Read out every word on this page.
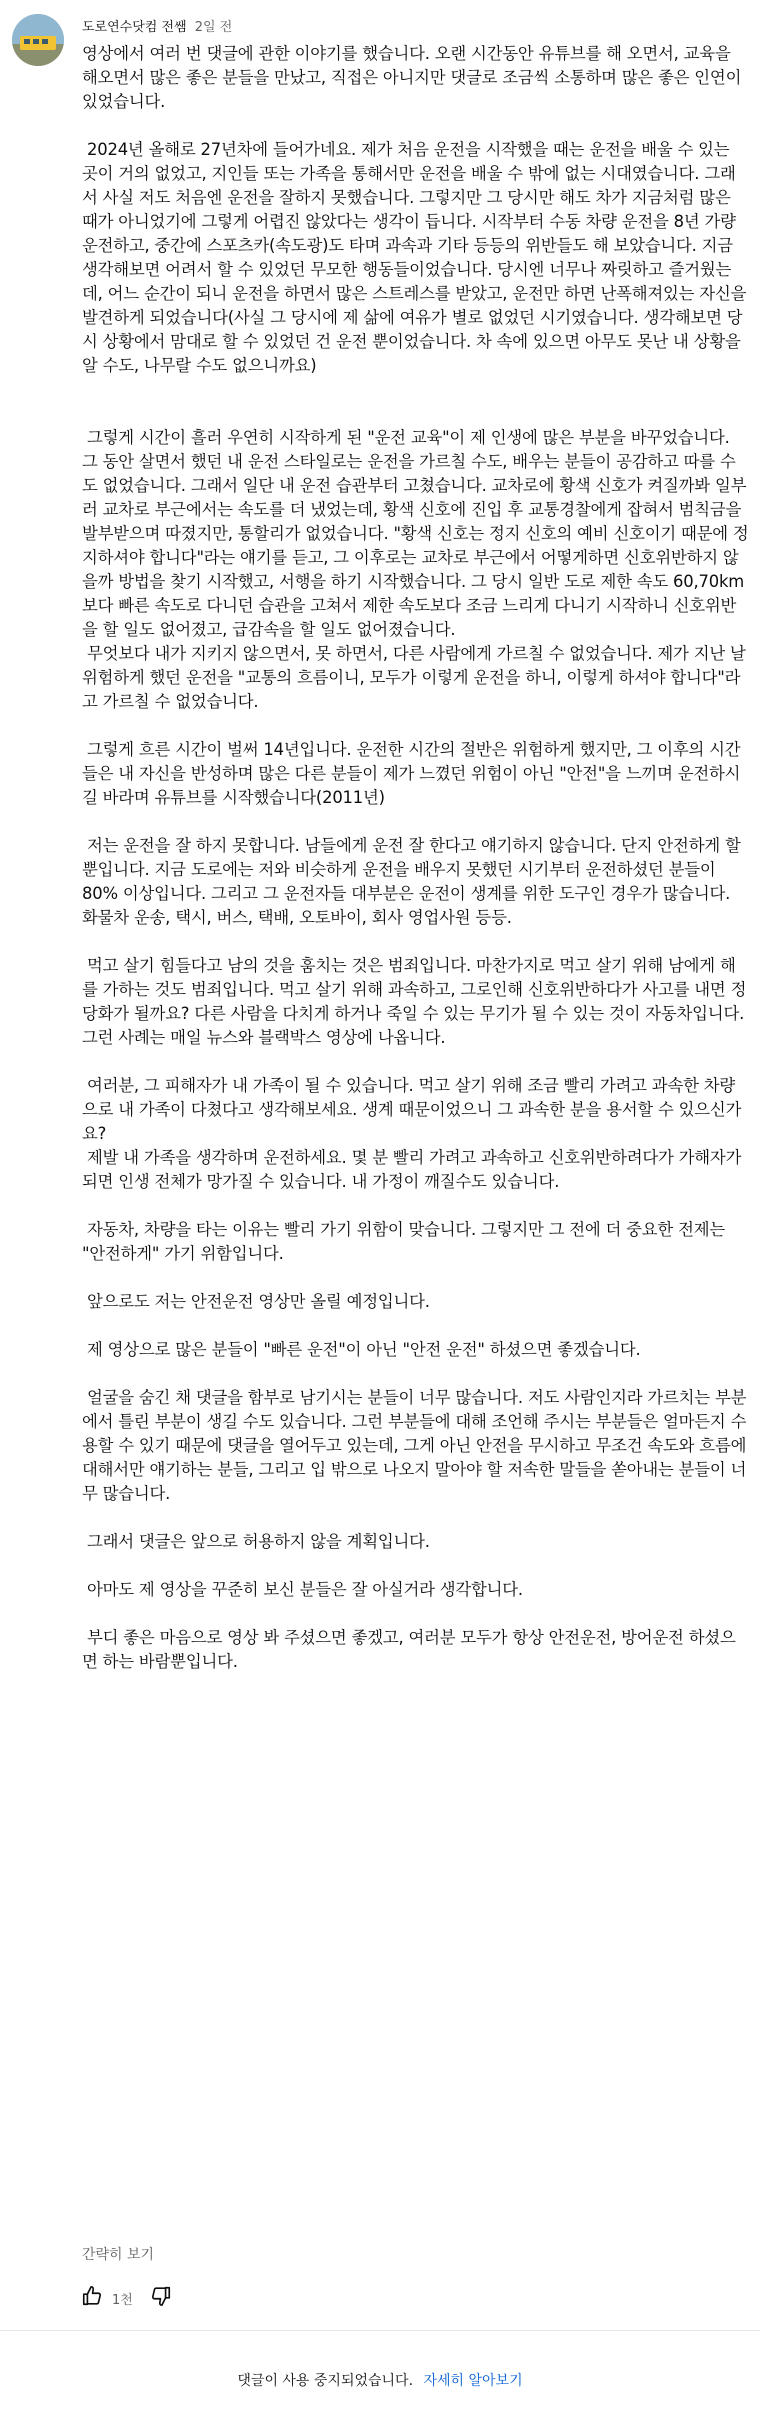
도로연수닷컴 전쌤 2일 전
영상에서 여러 번 댓글에 관한 이야기를 했습니다. 오랜 시간동안 유튜브를 해 오면서, 교육을 해오면서 많은 좋은 분들을 만났고, 직접은 아니지만 댓글로 조금씩 소통하며 많은 좋은 인연이 있었습니다.

2024년 올해로 27년차에 들어가네요. 제가 처음 운전을 시작했을 때는 운전을 배울 수 있는 곳이 거의 없었고, 지인들 또는 가족을 통해서만 운전을 배울 수 밖에 없는 시대였습니다. 그래서 사실 저도 처음엔 운전을 잘하지 못했습니다. 그렇지만 그 당시만 해도 차가 지금처럼 많은 때가 아니었기에 그렇게 어렵진 않았다는 생각이 듭니다. 시작부터 수동 차량 운전을 8년 가량 운전하고, 중간에 스포츠카(속도광)도 타며 과속과 기타 등등의 위반들도 해 보았습니다. 지금 생각해보면 어려서 할 수 있었던 무모한 행동들이었습니다. 당시엔 너무나 짜릿하고 즐거웠는데, 어느 순간이 되니 운전을 하면서 많은 스트레스를 받았고, 운전만 하면 난폭해져있는 자신을 발견하게 되었습니다(사실 그 당시에 제 삶에 여유가 별로 없었던 시기였습니다. 생각해보면 당시 상황에서 맘대로 할 수 있었던 건 운전 뿐이었습니다. 차 속에 있으면 아무도 못난 내 상황을 알 수도, 나무랄 수도 없으니까요)

그렇게 시간이 흘러 우연히 시작하게 된 "운전 교육"이 제 인생에 많은 부분을 바꾸었습니다. 그 동안 살면서 했던 내 운전 스타일로는 운전을 가르칠 수도, 배우는 분들이 공감하고 따를 수도 없었습니다. 그래서 일단 내 운전 습관부터 고쳤습니다. 교차로에 황색 신호가 켜질까봐 일부러 교차로 부근에서는 속도를 더 냈었는데, 황색 신호에 진입 후 교통경찰에게 잡혀서 범칙금을 발부받으며 따졌지만, 통할리가 없었습니다. "황색 신호는 정지 신호의 예비 신호이기 때문에 정지하셔야 합니다"라는 얘기를 듣고, 그 이후로는 교차로 부근에서 어떻게하면 신호위반하지 않을까 방법을 찾기 시작했고, 서행을 하기 시작했습니다. 그 당시 일반 도로 제한 속도 60,70km 보다 빠른 속도로 다니던 습관을 고쳐서 제한 속도보다 조금 느리게 다니기 시작하니 신호위반을 할 일도 없어졌고, 급감속을 할 일도 없어졌습니다.
무엇보다 내가 지키지 않으면서, 못 하면서, 다른 사람에게 가르칠 수 없었습니다. 제가 지난 날 위험하게 했던 운전을 "교통의 흐름이니, 모두가 이렇게 운전을 하니, 이렇게 하셔야 합니다"라고 가르칠 수 없었습니다.

그렇게 흐른 시간이 벌써 14년입니다. 운전한 시간의 절반은 위험하게 했지만, 그 이후의 시간들은 내 자신을 반성하며 많은 다른 분들이 제가 느꼈던 위험이 아닌 "안전"을 느끼며 운전하시길 바라며 유튜브를 시작했습니다(2011년)

저는 운전을 잘 하지 못합니다. 남들에게 운전 잘 한다고 얘기하지 않습니다. 단지 안전하게 할 뿐입니다. 지금 도로에는 저와 비슷하게 운전을 배우지 못했던 시기부터 운전하셨던 분들이 80% 이상입니다. 그리고 그 운전자들 대부분은 운전이 생계를 위한 도구인 경우가 많습니다. 화물차 운송, 택시, 버스, 택배, 오토바이, 회사 영업사원 등등.

먹고 살기 힘들다고 남의 것을 훔치는 것은 범죄입니다. 마찬가지로 먹고 살기 위해 남에게 해를 가하는 것도 범죄입니다. 먹고 살기 위해 과속하고, 그로인해 신호위반하다가 사고를 내면 정당화가 될까요? 다른 사람을 다치게 하거나 죽일 수 있는 무기가 될 수 있는 것이 자동차입니다. 그런 사례는 매일 뉴스와 블랙박스 영상에 나옵니다.

여러분, 그 피해자가 내 가족이 될 수 있습니다. 먹고 살기 위해 조금 빨리 가려고 과속한 차량으로 내 가족이 다쳤다고 생각해보세요. 생계 때문이었으니 그 과속한 분을 용서할 수 있으신가요?
제발 내 가족을 생각하며 운전하세요. 몇 분 빨리 가려고 과속하고 신호위반하려다가 가해자가 되면 인생 전체가 망가질 수 있습니다. 내 가정이 깨질수도 있습니다.

자동차, 차량을 타는 이유는 빨리 가기 위함이 맞습니다. 그렇지만 그 전에 더 중요한 전제는 "안전하게" 가기 위함입니다.

앞으로도 저는 안전운전 영상만 올릴 예정입니다.

제 영상으로 많은 분들이 "빠른 운전"이 아닌 "안전 운전" 하셨으면 좋겠습니다.

얼굴을 숨긴 채 댓글을 함부로 남기시는 분들이 너무 많습니다. 저도 사람인지라 가르치는 부분에서 틀린 부분이 생길 수도 있습니다. 그런 부분들에 대해 조언해 주시는 부분들은 얼마든지 수용할 수 있기 때문에 댓글을 열어두고 있는데, 그게 아닌 안전을 무시하고 무조건 속도와 흐름에 대해서만 얘기하는 분들, 그리고 입 밖으로 나오지 말아야 할 저속한 말들을 쏟아내는 분들이 너무 많습니다.

그래서 댓글은 앞으로 허용하지 않을 계획입니다.

아마도 제 영상을 꾸준히 보신 분들은 잘 아실거라 생각합니다.

부디 좋은 마음으로 영상 봐 주셨으면 좋겠고, 여러분 모두가 항상 안전운전, 방어운전 하셨으면 하는 바람뿐입니다.
간략히 보기
1천
댓글이 사용 중지되었습니다. 자세히 알아보기
